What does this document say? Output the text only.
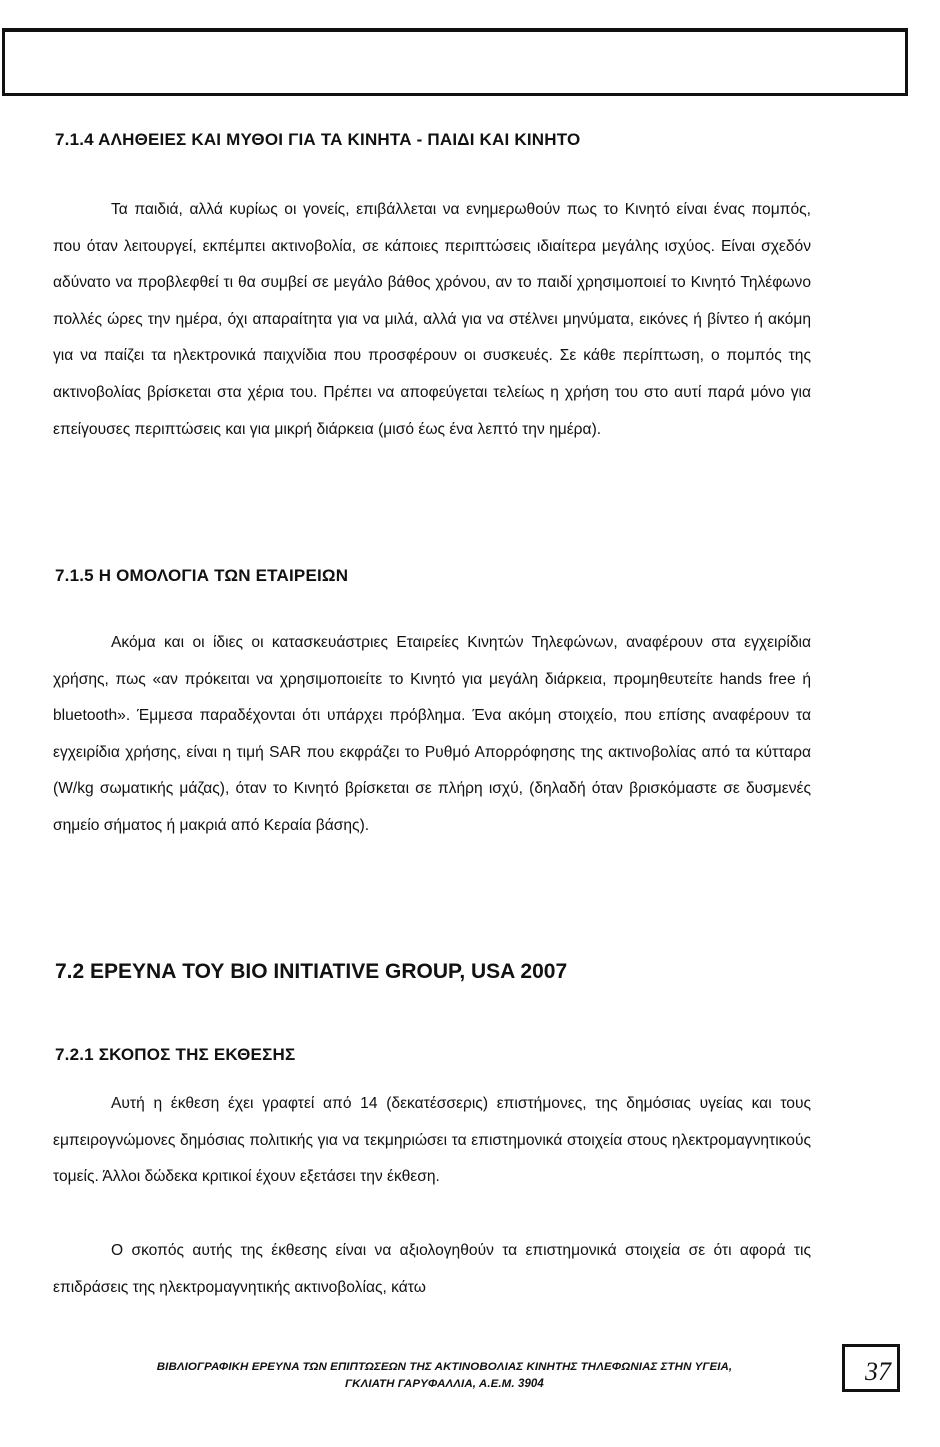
7.1.4 ΑΛΗΘΕΙΕΣ ΚΑΙ ΜΥΘΟΙ ΓΙΑ ΤΑ ΚΙΝΗΤΑ - ΠΑΙΔΙ ΚΑΙ ΚΙΝΗΤΟ

Τα παιδιά, αλλά κυρίως οι γονείς, επιβάλλεται να ενημερωθούν πως το Κινητό είναι ένας πομπός, που όταν λειτουργεί, εκπέμπει ακτινοβολία, σε κάποιες περιπτώσεις ιδιαίτερα μεγάλης ισχύος. Είναι σχεδόν αδύνατο να προβλεφθεί τι θα συμβεί σε μεγάλο βάθος χρόνου, αν το παιδί χρησιμοποιεί το Κινητό Τηλέφωνο πολλές ώρες την ημέρα, όχι απαραίτητα για να μιλά, αλλά για να στέλνει μηνύματα, εικόνες ή βίντεο ή ακόμη για να παίζει τα ηλεκτρονικά παιχνίδια που προσφέρουν οι συσκευές. Σε κάθε περίπτωση, ο πομπός της ακτινοβολίας βρίσκεται στα χέρια του. Πρέπει να αποφεύγεται τελείως η χρήση του στο αυτί παρά μόνο για επείγουσες περιπτώσεις και για μικρή διάρκεια (μισό έως ένα λεπτό την ημέρα).

7.1.5 Η ΟΜΟΛΟΓΙΑ ΤΩΝ ΕΤΑΙΡΕΙΩΝ

Ακόμα και οι ίδιες οι κατασκευάστριες Εταιρείες Κινητών Τηλεφώνων, αναφέρουν στα εγχειρίδια χρήσης, πως «αν πρόκειται να χρησιμοποιείτε το Κινητό για μεγάλη διάρκεια, προμηθευτείτε hands free ή bluetooth». Έμμεσα παραδέχονται ότι υπάρχει πρόβλημα. Ένα ακόμη στοιχείο, που επίσης αναφέρουν τα εγχειρίδια χρήσης, είναι η τιμή SAR που εκφράζει το Ρυθμό Απορρόφησης της ακτινοβολίας από τα κύτταρα (W/kg σωματικής μάζας), όταν το Κινητό βρίσκεται σε πλήρη ισχύ, (δηλαδή όταν βρισκόμαστε σε δυσμενές σημείο σήματος ή μακριά από Κεραία βάσης).

7.2 ΕΡΕΥΝΑ ΤΟΥ BIO INITIATIVE GROUP, USA 2007
7.2.1 ΣΚΟΠΟΣ ΤΗΣ ΕΚΘΕΣΗΣ

Αυτή η έκθεση έχει γραφτεί από 14 (δεκατέσσερις) επιστήμονες, της δημόσιας υγείας και τους εμπειρογνώμονες δημόσιας πολιτικής για να τεκμηριώσει τα επιστημονικά στοιχεία στους ηλεκτρομαγνητικούς τομείς. Άλλοι δώδεκα κριτικοί έχουν εξετάσει την έκθεση.

Ο σκοπός αυτής της έκθεσης είναι να αξιολογηθούν τα επιστημονικά στοιχεία σε ότι αφορά τις επιδράσεις της ηλεκτρομαγνητικής ακτινοβολίας, κάτω

ΒΙΒΛΙΟΓΡΑΦΙΚΗ ΕΡΕΥΝΑ ΤΩΝ ΕΠΙΠΤΩΣΕΩΝ ΤΗΣ ΑΚΤΙΝΟΒΟΛΙΑΣ ΚΙΝΗΤΗΣ ΤΗΛΕΦΩΝΙΑΣ ΣΤΗΝ ΥΓΕΙΑ,
ΓΚΛΙΑΤΗ ΓΑΡΥΦΑΛΛΙΑ, Α.Ε.Μ. 3904	37
